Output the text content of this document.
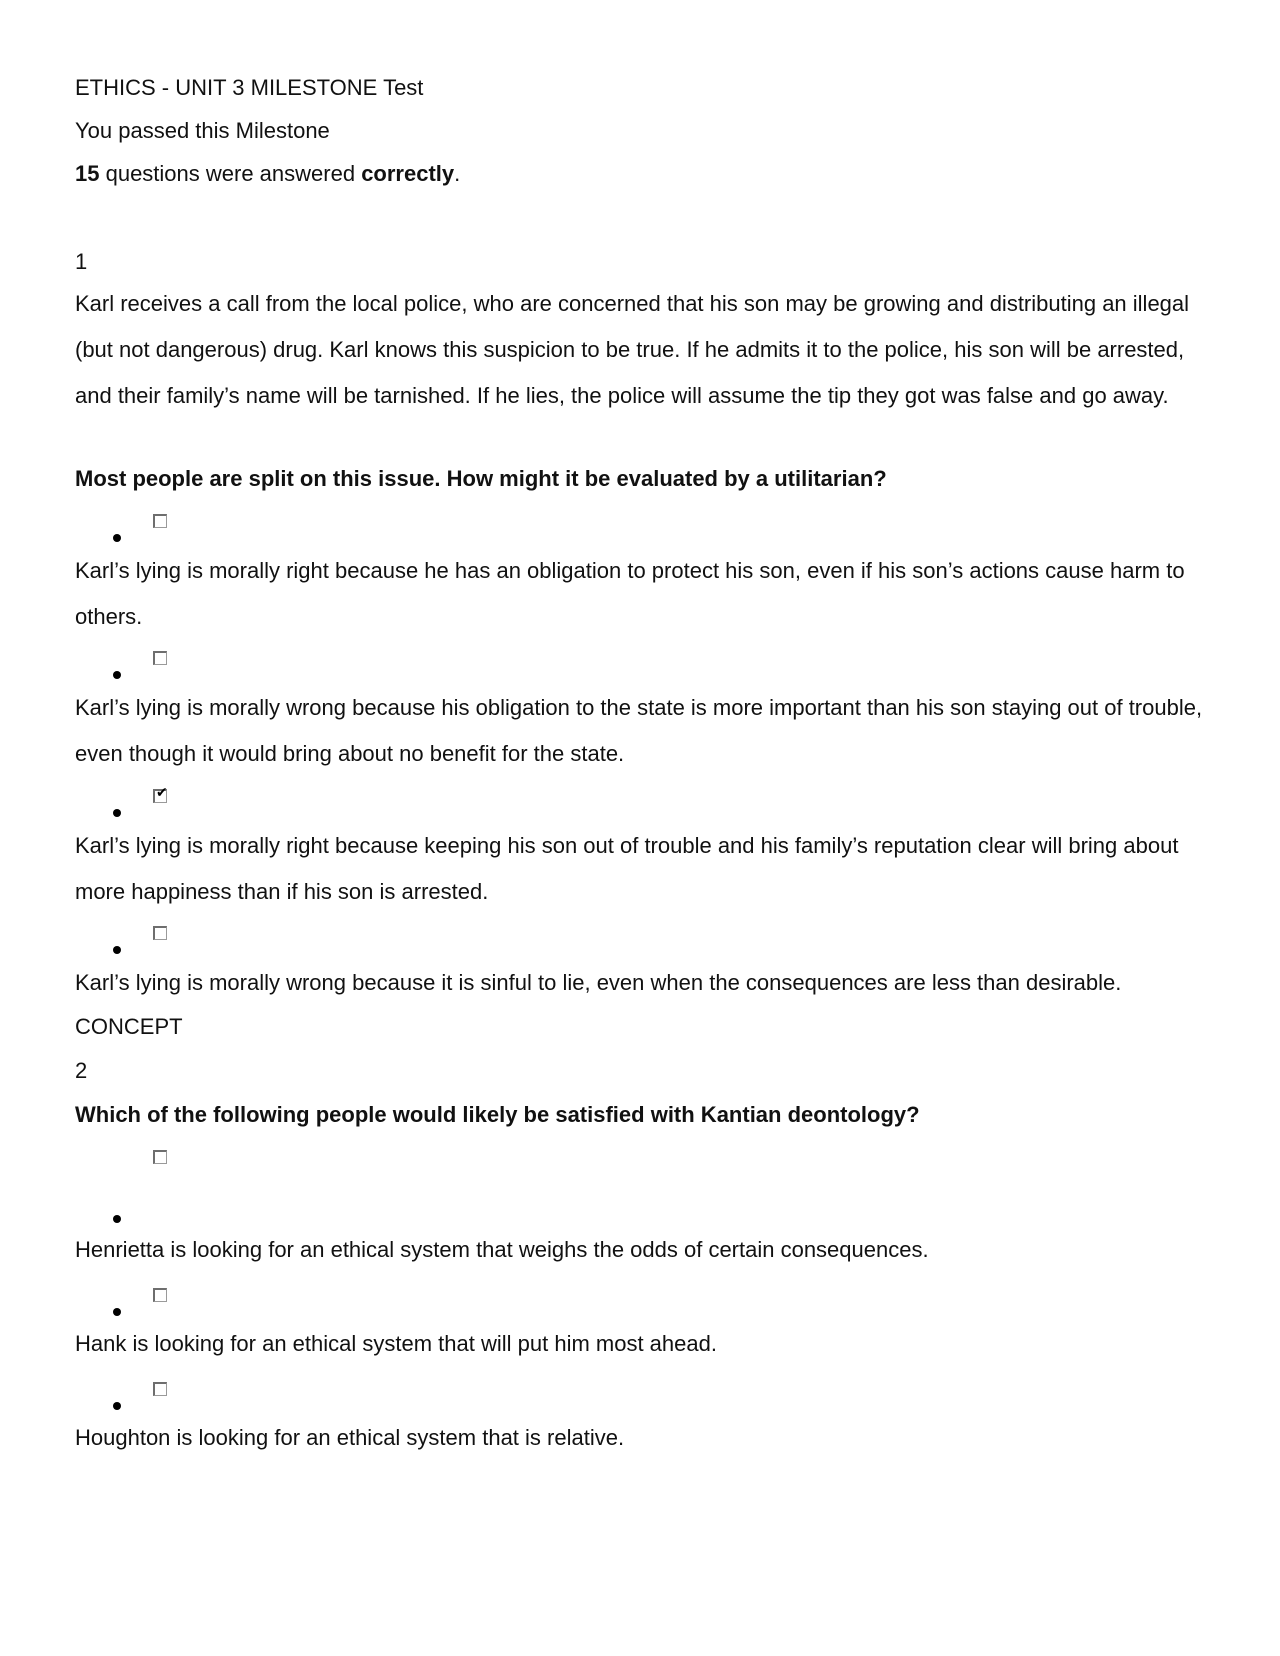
ETHICS - UNIT 3 MILESTONE Test
You passed this Milestone
15 questions were answered correctly.
1
Karl receives a call from the local police, who are concerned that his son may be growing and distributing an illegal (but not dangerous) drug. Karl knows this suspicion to be true. If he admits it to the police, his son will be arrested, and their family’s name will be tarnished. If he lies, the police will assume the tip they got was false and go away.
Most people are split on this issue. How might it be evaluated by a utilitarian?
Karl’s lying is morally right because he has an obligation to protect his son, even if his son’s actions cause harm to others.
Karl’s lying is morally wrong because his obligation to the state is more important than his son staying out of trouble, even though it would bring about no benefit for the state.
✔
Karl’s lying is morally right because keeping his son out of trouble and his family’s reputation clear will bring about more happiness than if his son is arrested.
Karl’s lying is morally wrong because it is sinful to lie, even when the consequences are less than desirable.
CONCEPT
2
Which of the following people would likely be satisfied with Kantian deontology?
Henrietta is looking for an ethical system that weighs the odds of certain consequences.
Hank is looking for an ethical system that will put him most ahead.
Houghton is looking for an ethical system that is relative.
